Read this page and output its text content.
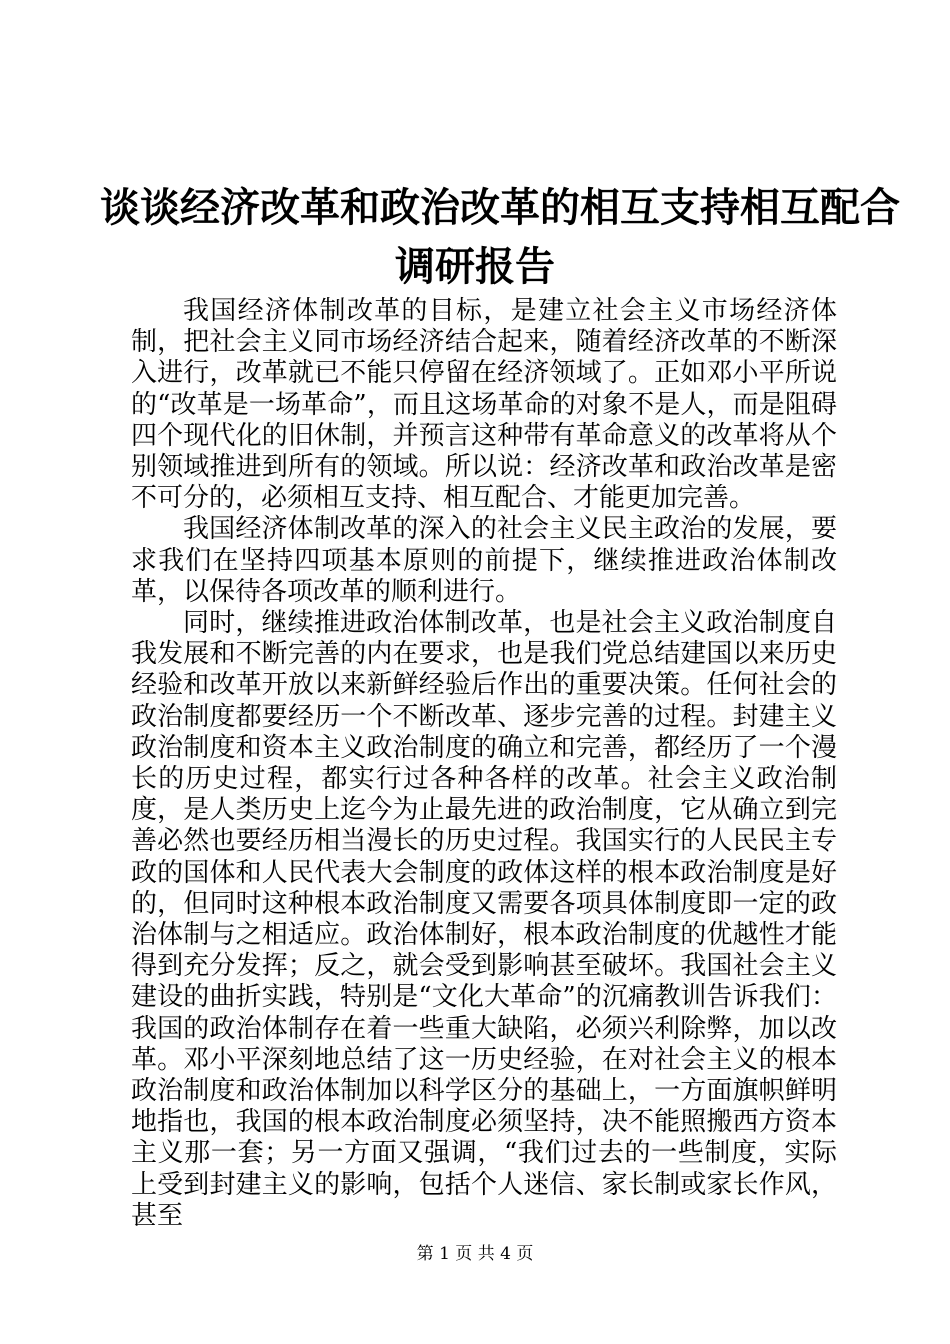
谈谈经济改革和政治改革的相互支持相互配合
调研报告

我国经济体制改革的目标，是建立社会主义市场经济体制，把社会主义同市场经济结合起来，随着经济改革的不断深入进行，改革就已不能只停留在经济领域了。正如邓小平所说的“改革是一场革命”，而且这场革命的对象不是人，而是阻碍四个现代化的旧休制，并预言这种带有革命意义的改革将从个别领域推进到所有的领域。所以说：经济改革和政治改革是密不可分的，必须相互支持、相互配合、才能更加完善。

我国经济体制改革的深入的社会主义民主政治的发展，要求我们在坚持四项基本原则的前提下，继续推进政治体制改革，以保待各项改革的顺利进行。

同时，继续推进政治体制改革，也是社会主义政治制度自我发展和不断完善的内在要求，也是我们党总结建国以来历史经验和改革开放以来新鲜经验后作出的重要决策。任何社会的政治制度都要经历一个不断改革、逐步完善的过程。封建主义政治制度和资本主义政治制度的确立和完善，都经历了一个漫长的历史过程，都实行过各种各样的改革。社会主义政治制度，是人类历史上迄今为止最先进的政治制度，它从确立到完善必然也要经历相当漫长的历史过程。我国实行的人民民主专政的国体和人民代表大会制度的政体这样的根本政治制度是好的，但同时这种根本政治制度又需要各项具体制度即一定的政治体制与之相适应。政治体制好，根本政治制度的优越性才能得到充分发挥；反之，就会受到影响甚至破坏。我国社会主义建设的曲折实践，特别是“文化大革命”的沉痛教训告诉我们：我国的政治体制存在着一些重大缺陷，必须兴利除弊，加以改革。邓小平深刻地总结了这一历史经验，在对社会主义的根本政治制度和政治体制加以科学区分的基础上，一方面旗帜鲜明地指也，我国的根本政治制度必须坚持，决不能照搬西方资本主义那一套；另一方面又强调，“我们过去的一些制度，实际上受到封建主义的影响，包括个人迷信、家长制或家长作风，甚至

第 1 页 共 4 页
